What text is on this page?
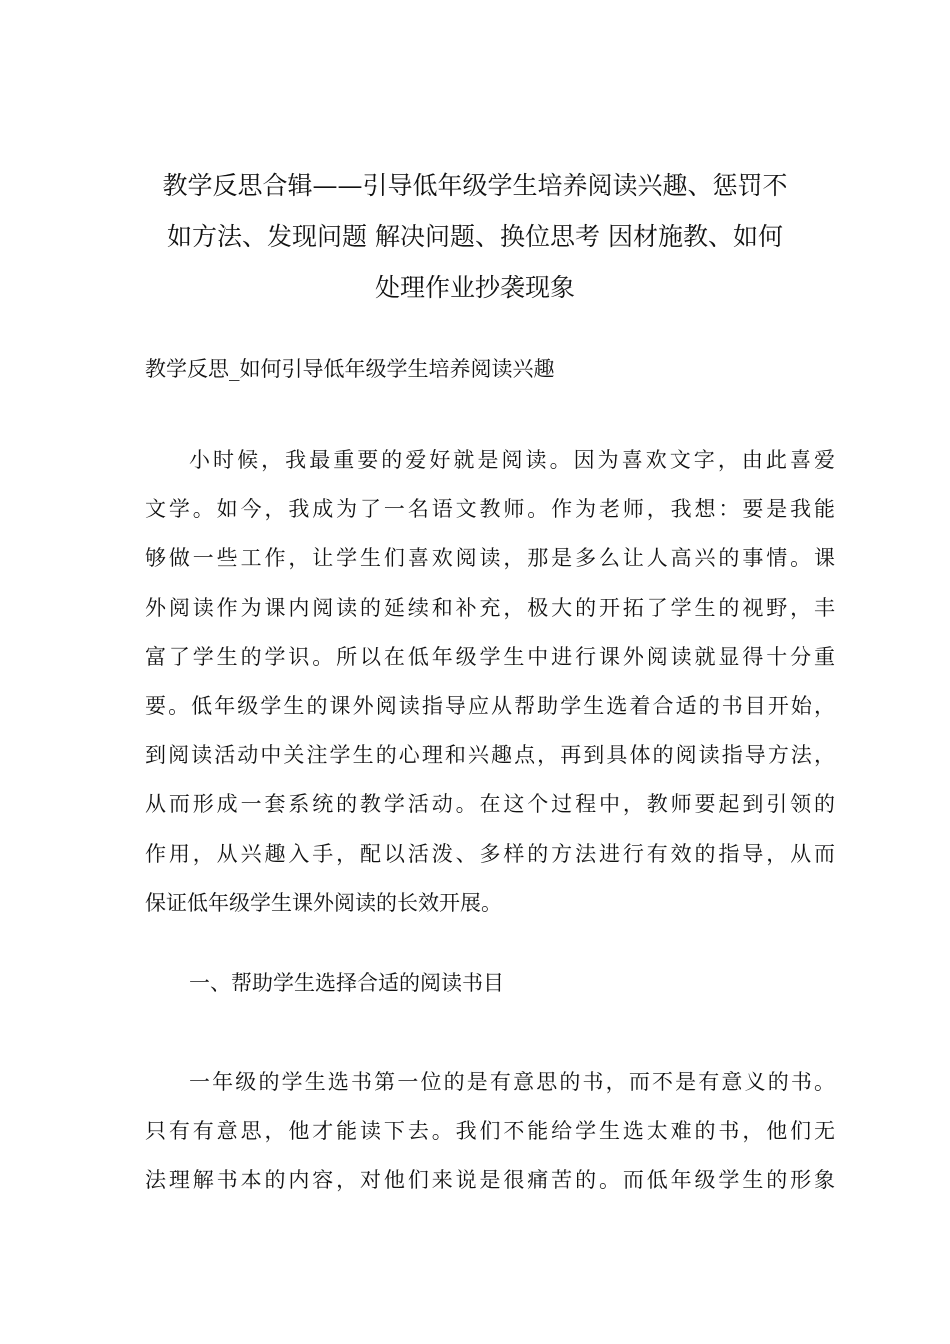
教学反思合辑——引导低年级学生培养阅读兴趣、惩罚不
如方法、发现问题 解决问题、换位思考 因材施教、如何
处理作业抄袭现象
教学反思_如何引导低年级学生培养阅读兴趣
小时候，我最重要的爱好就是阅读。因为喜欢文字，由此喜爱
文学。如今，我成为了一名语文教师。作为老师，我想：要是我能
够做一些工作，让学生们喜欢阅读，那是多么让人高兴的事情。课
外阅读作为课内阅读的延续和补充，极大的开拓了学生的视野，丰
富了学生的学识。所以在低年级学生中进行课外阅读就显得十分重
要。低年级学生的课外阅读指导应从帮助学生选着合适的书目开始，
到阅读活动中关注学生的心理和兴趣点，再到具体的阅读指导方法，
从而形成一套系统的教学活动。在这个过程中，教师要起到引领的
作用，从兴趣入手，配以活泼、多样的方法进行有效的指导，从而
保证低年级学生课外阅读的长效开展。
一、帮助学生选择合适的阅读书目
一年级的学生选书第一位的是有意思的书，而不是有意义的书。
只有有意思，他才能读下去。我们不能给学生选太难的书，他们无
法理解书本的内容，对他们来说是很痛苦的。而低年级学生的形象
